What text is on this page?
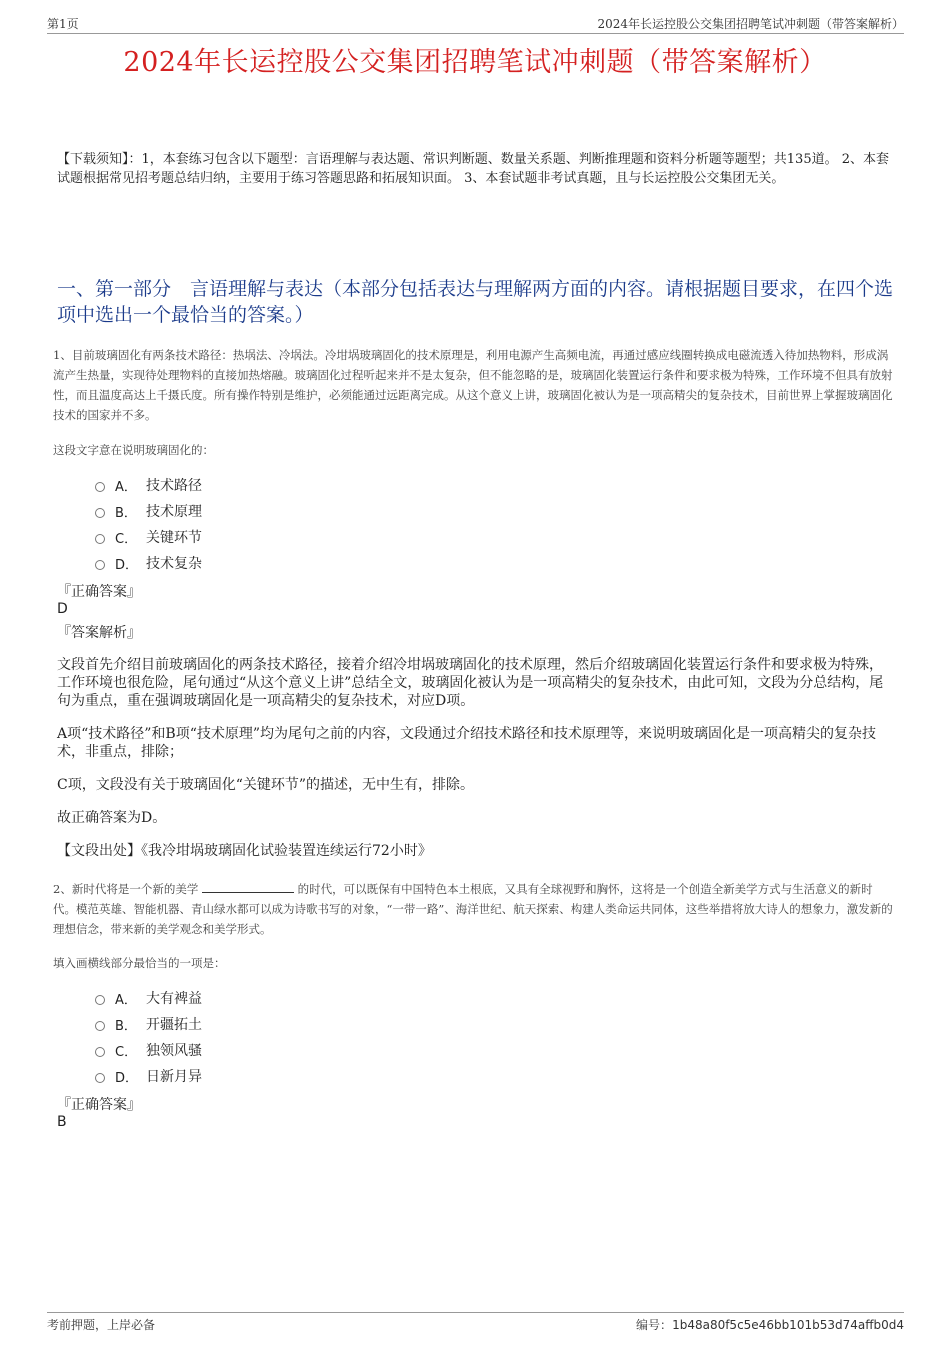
第1页	2024年长运控股公交集团招聘笔试冲刺题（带答案解析）
2024年长运控股公交集团招聘笔试冲刺题（带答案解析）
【下载须知】：1，本套练习包含以下题型：言语理解与表达题、常识判断题、数量关系题、判断推理题和资料分析题等题型；共135道。 2、本套试题根据常见招考题总结归纳，主要用于练习答题思路和拓展知识面。 3、本套试题非考试真题，且与长运控股公交集团无关。
一、第一部分　言语理解与表达（本部分包括表达与理解两方面的内容。请根据题目要求，在四个选项中选出一个最恰当的答案。）
1、目前玻璃固化有两条技术路径：热埚法、冷埚法。冷坩埚玻璃固化的技术原理是，利用电源产生高频电流，再通过感应线圈转换成电磁流透入待加热物料，形成涡流产生热量，实现待处理物料的直接加热熔融。玻璃固化过程听起来并不是太复杂，但不能忽略的是，玻璃固化装置运行条件和要求极为特殊，工作环境不但具有放射性，而且温度高达上千摄氏度。所有操作特别是维护，必须能通过远距离完成。从这个意义上讲，玻璃固化被认为是一项高精尖的复杂技术，目前世界上掌握玻璃固化技术的国家并不多。
这段文字意在说明玻璃固化的：
A． 技术路径
B． 技术原理
C． 关键环节
D． 技术复杂
『正确答案』
D
『答案解析』

文段首先介绍目前玻璃固化的两条技术路径，接着介绍冷坩埚玻璃固化的技术原理，然后介绍玻璃固化装置运行条件和要求极为特殊，工作环境也很危险，尾句通过“从这个意义上讲”总结全文，玻璃固化被认为是一项高精尖的复杂技术，由此可知，文段为分总结构，尾句为重点，重在强调玻璃固化是一项高精尖的复杂技术，对应D项。

A项“技术路径”和B项“技术原理”均为尾句之前的内容，文段通过介绍技术路径和技术原理等，来说明玻璃固化是一项高精尖的复杂技术，非重点，排除；

C项，文段没有关于玻璃固化“关键环节”的描述，无中生有，排除。

故正确答案为D。

【文段出处】《我冷坩埚玻璃固化试验装置连续运行72小时》

2、新时代将是一个新的美学	的时代，可以既保有中国特色本土根底，又具有全球视野和胸怀，这将是一个创造全新美学方式与生活意义的新时代。模范英雄、智能机器、青山绿水都可以成为诗歌书写的对象，“一带一路”、海洋世纪、航天探索、构建人类命运共同体，这些举措将放大诗人的想象力，激发新的理想信念，带来新的美学观念和美学形式。
填入画横线部分最恰当的一项是：
A． 大有裨益
B． 开疆拓土
C． 独领风骚
D． 日新月异
『正确答案』
B
考前押题，上岸必备	编号：1b48a80f5c5e46bb101b53d74affb0d4
